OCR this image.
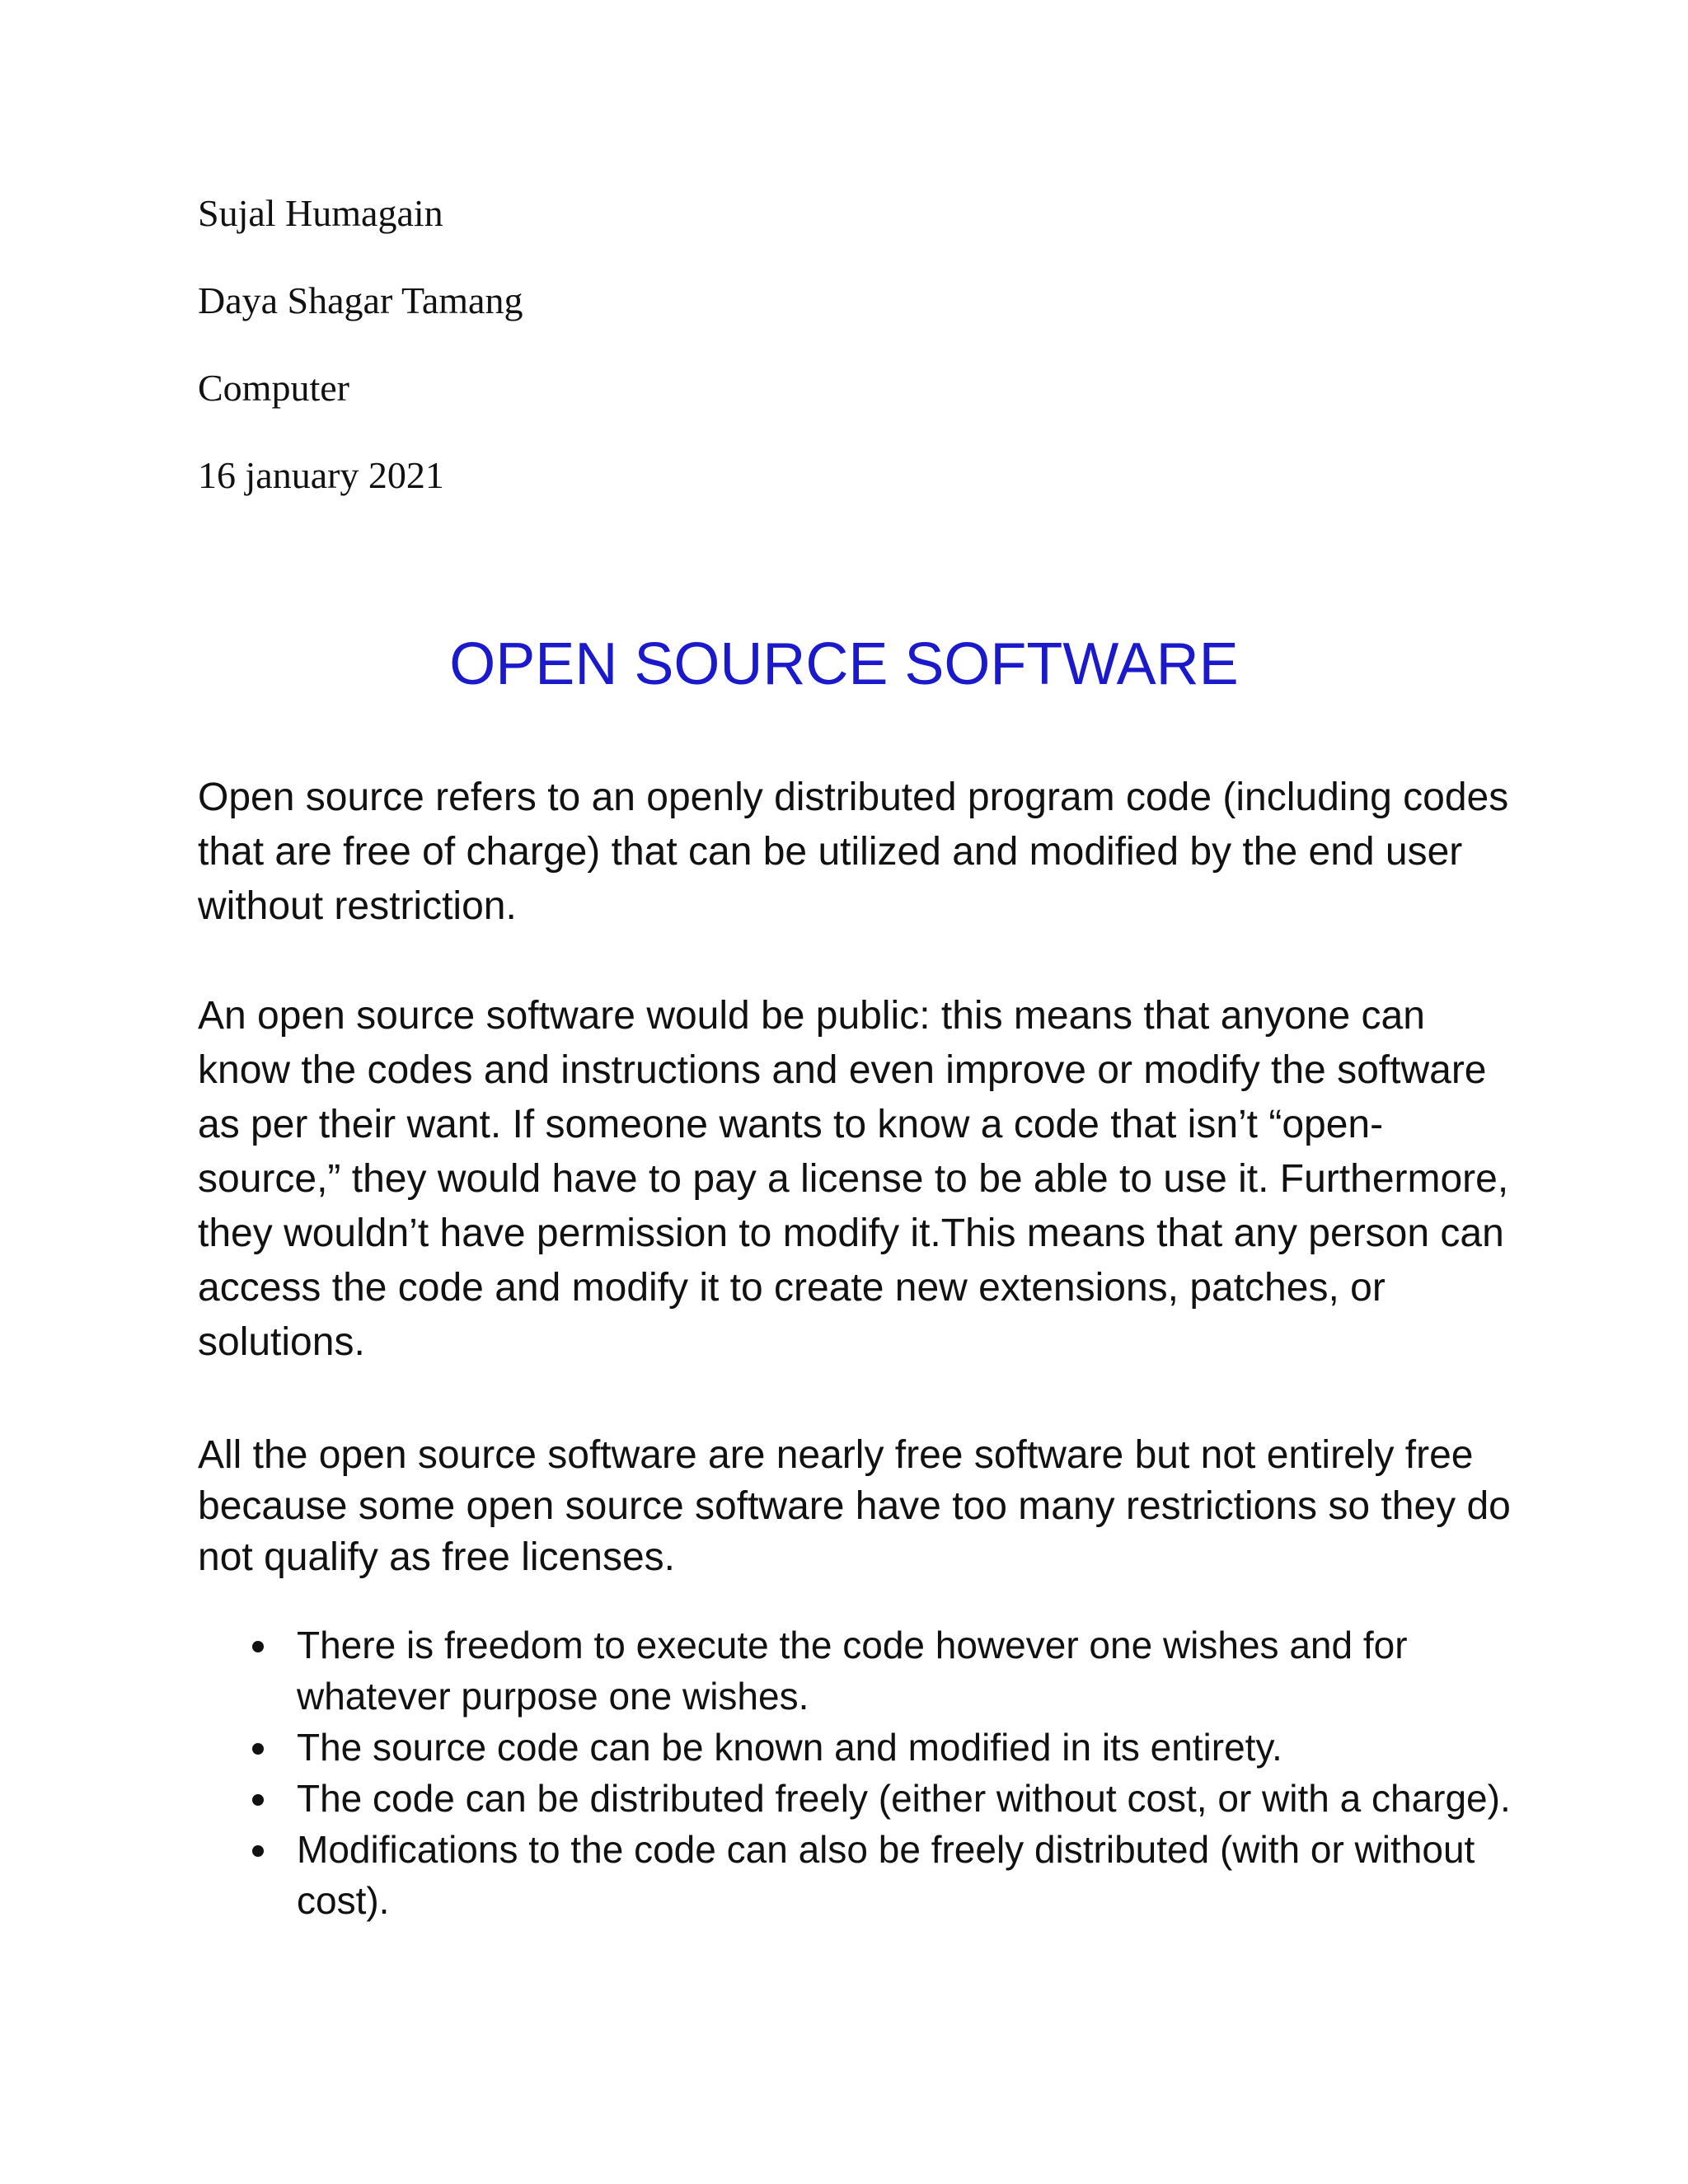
Sujal Humagain
Daya Shagar Tamang
Computer
16 january 2021
OPEN SOURCE SOFTWARE

Open source refers to an openly distributed program code (including codes that are free of charge) that can be utilized and modified by the end user without restriction.

An open source software would be public: this means that anyone can know the codes and instructions and even improve or modify the software as per their want. If someone wants to know a code that isn’t “open-source,” they would have to pay a license to be able to use it. Furthermore, they wouldn’t have permission to modify it.This means that any person can access the code and modify it to create new extensions, patches, or solutions.

All the open source software are nearly free software but not entirely free because some open source software have too many restrictions so they do not qualify as free licenses.

There is freedom to execute the code however one wishes and for whatever purpose one wishes.
The source code can be known and modified in its entirety.
The code can be distributed freely (either without cost, or with a charge).
Modifications to the code can also be freely distributed (with or without cost).
